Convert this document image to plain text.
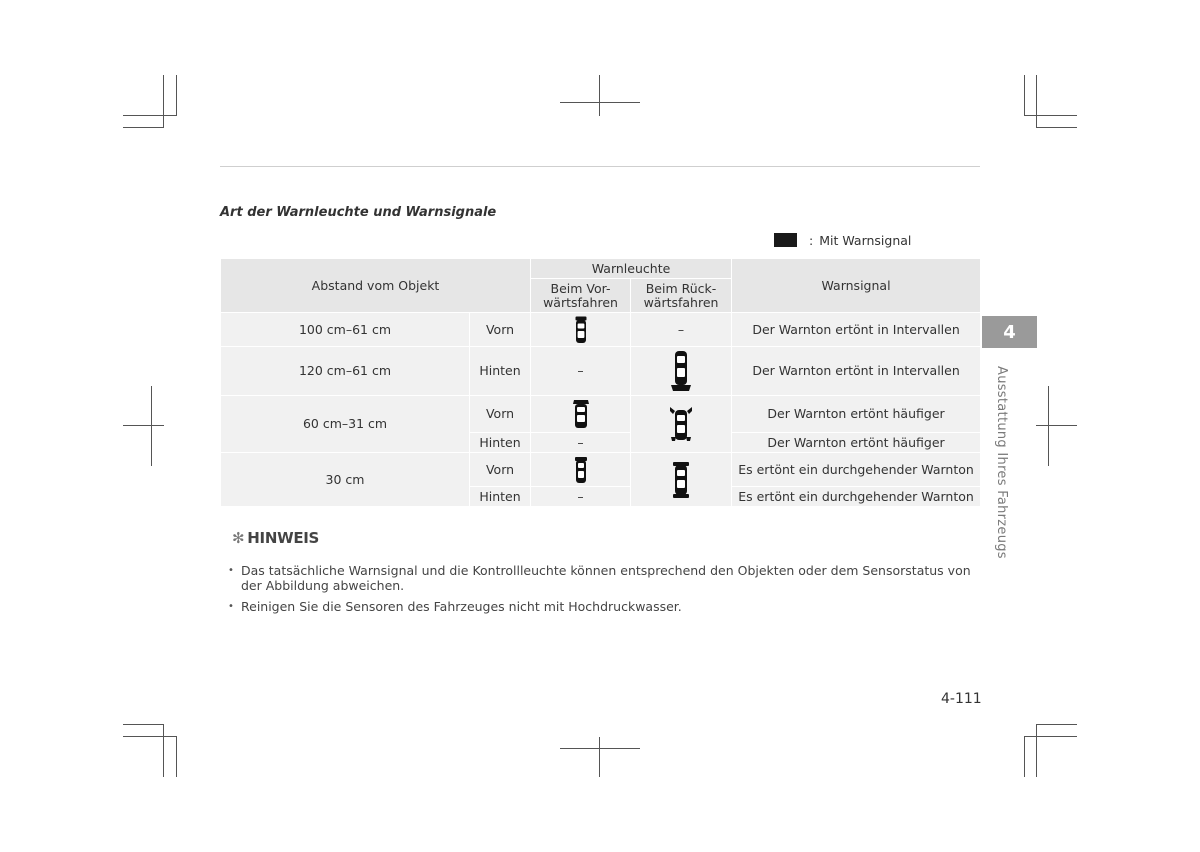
Art der Warnleuchte und Warnsignale
: Mit Warnsignal
Abstand vom Objekt		Warnleuchte		Warnsignal
		Beim Vor-
wärtsfahren	Beim Rück-
wärtsfahren	
100 cm–61 cm	Vorn		–	Der Warnton ertönt in Intervallen
120 cm–61 cm	Hinten	–		Der Warnton ertönt in Intervallen
60 cm–31 cm	Vorn			Der Warnton ertönt häufiger
	Hinten	–		Der Warnton ertönt häufiger
30 cm	Vorn			Es ertönt ein durchgehender Warnton
	Hinten	–		Es ertönt ein durchgehender Warnton
✻ HINWEIS
• Das tatsächliche Warnsignal und die Kontrollleuchte können entsprechend den Objekten oder dem Sensorstatus von der Abbildung abweichen.
• Reinigen Sie die Sensoren des Fahrzeuges nicht mit Hochdruckwasser.
4
Ausstattung Ihres Fahrzeugs
4-111
